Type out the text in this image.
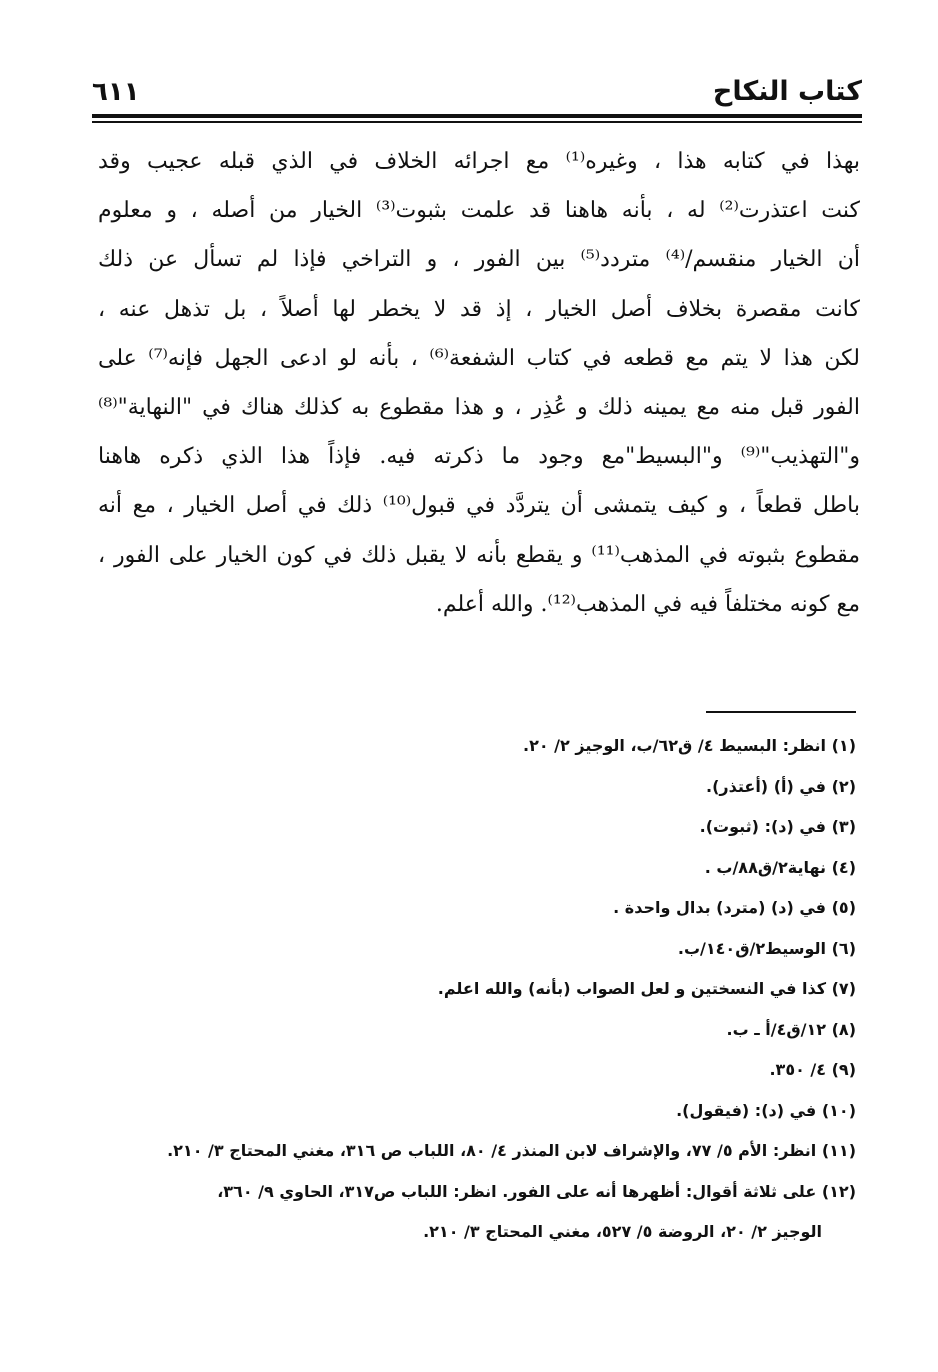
كتاب النكاح
٦١١
بهذا في كتابه هذا ، وغيره⁽¹⁾ مع اجرائه الخلاف في الذي قبله عجيب وقد
كنت اعتذرت⁽²⁾ له ، بأنه هاهنا قد علمت بثبوت⁽³⁾ الخيار من أصله ، و معلوم
أن الخيار منقسم/⁽⁴⁾ متردد⁽⁵⁾ بين الفور ، و التراخي فإذا لم تسأل عن ذلك
كانت مقصرة بخلاف أصل الخيار ، إذ قد لا يخطر لها أصلاً ، بل تذهل عنه ،
لكن هذا لا يتم مع قطعه في كتاب الشفعة⁽⁶⁾ ، بأنه لو ادعى الجهل فإنه⁽⁷⁾ على
الفور قبل منه مع يمينه ذلك و عُذِر ، و هذا مقطوع به كذلك هناك في "النهاية"⁽⁸⁾
و"التهذيب"⁽⁹⁾ و"البسيط"مع وجود ما ذكرته فيه. فإذاً هذا الذي ذكره هاهنا
باطل قطعاً ، و كيف يتمشى أن يتردَّد في قبول⁽¹⁰⁾ ذلك في أصل الخيار ، مع أنه
مقطوع بثبوته في المذهب⁽¹¹⁾ و يقطع بأنه لا يقبل ذلك في كون الخيار على الفور ،
مع كونه مختلفاً فيه في المذهب⁽¹²⁾. والله أعلم.
(١) انظر: البسيط ٤/ ق٦٢/ب، الوجيز ٢/ ٢٠.
(٢) في (أ) (أعتذر).
(٣) في (د): (ثبوت).
(٤) نهاية٢/ق٨٨/ب .
(٥) في (د) (مترد) بدال واحدة .
(٦) الوسيط٢/ق١٤٠/ب.
(٧) كذا في النسختين و لعل الصواب (بأنه) والله اعلم.
(٨) ١٢/ق٤/أ ـ ب.
(٩) ٤/ ٣٥٠.
(١٠) في (د): (فيقول).
(١١) انظر: الأم ٥/ ٧٧، والإشراف لابن المنذر ٤/ ٨٠، اللباب ص ٣١٦، مغني المحتاج ٣/ ٢١٠.
(١٢) على ثلاثة أقوال: أظهرها أنه على الفور. انظر: اللباب ص٣١٧، الحاوي ٩/ ٣٦٠،
الوجيز ٢/ ٢٠، الروضة ٥/ ٥٢٧، مغني المحتاج ٣/ ٢١٠.
